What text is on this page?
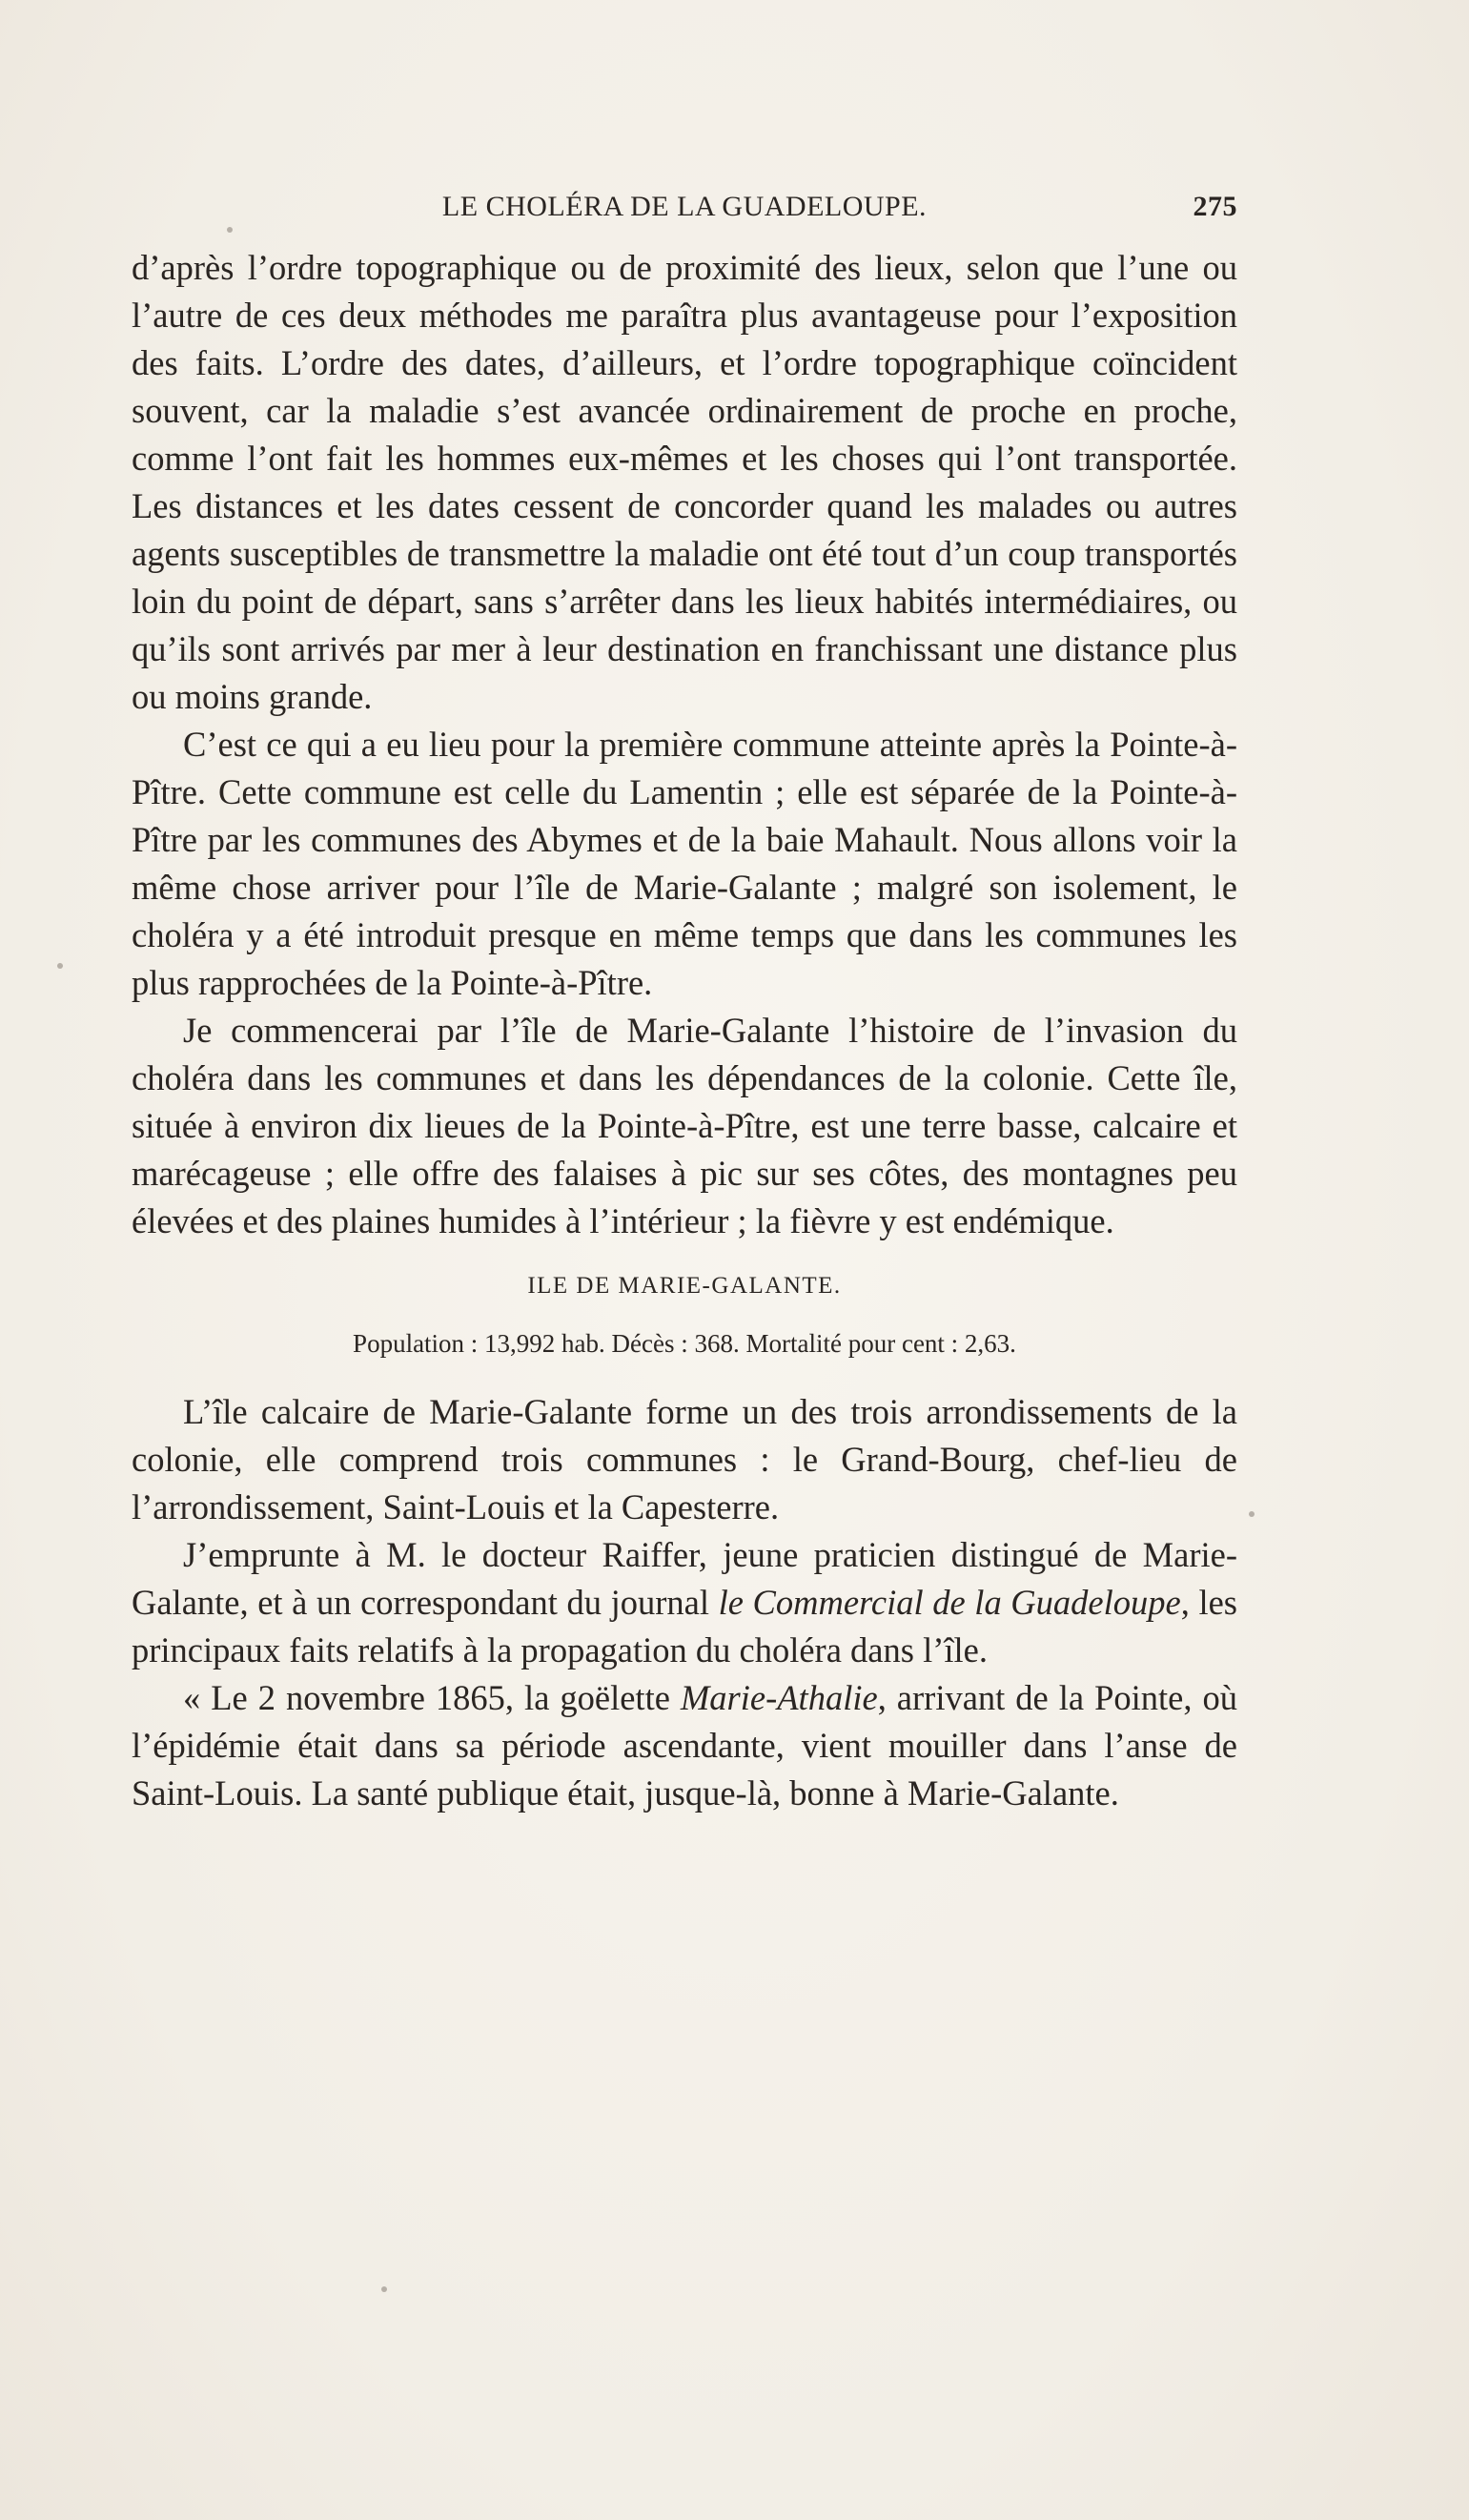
LE CHOLÉRA DE LA GUADELOUPE.	275

d’après l’ordre topographique ou de proximité des lieux, selon que l’une ou l’autre de ces deux méthodes me paraîtra plus avantageuse pour l’exposition des faits. L’ordre des dates, d’ailleurs, et l’ordre topographique coïncident souvent, car la maladie s’est avancée ordinairement de proche en proche, comme l’ont fait les hommes eux-mêmes et les choses qui l’ont transportée. Les distances et les dates cessent de concorder quand les malades ou autres agents susceptibles de transmettre la maladie ont été tout d’un coup transportés loin du point de départ, sans s’arrêter dans les lieux habités intermédiaires, ou qu’ils sont arrivés par mer à leur destination en franchissant une distance plus ou moins grande.

C’est ce qui a eu lieu pour la première commune atteinte après la Pointe-à-Pître. Cette commune est celle du Lamentin ; elle est séparée de la Pointe-à-Pître par les communes des Abymes et de la baie Mahault. Nous allons voir la même chose arriver pour l’île de Marie-Galante ; malgré son isolement, le choléra y a été introduit presque en même temps que dans les communes les plus rapprochées de la Pointe-à-Pître.

Je commencerai par l’île de Marie-Galante l’histoire de l’invasion du choléra dans les communes et dans les dépendances de la colonie. Cette île, située à environ dix lieues de la Pointe-à-Pître, est une terre basse, calcaire et marécageuse ; elle offre des falaises à pic sur ses côtes, des montagnes peu élevées et des plaines humides à l’intérieur ; la fièvre y est endémique.

ILE DE MARIE-GALANTE.

Population : 13,992 hab. Décès : 368. Mortalité pour cent : 2,63.

L’île calcaire de Marie-Galante forme un des trois arrondissements de la colonie, elle comprend trois communes : le Grand-Bourg, chef-lieu de l’arrondissement, Saint-Louis et la Capesterre.

J’emprunte à M. le docteur Raiffer, jeune praticien distingué de Marie-Galante, et à un correspondant du journal le Commercial de la Guadeloupe, les principaux faits relatifs à la propagation du choléra dans l’île.

« Le 2 novembre 1865, la goëlette Marie-Athalie, arrivant de la Pointe, où l’épidémie était dans sa période ascendante, vient mouiller dans l’anse de Saint-Louis. La santé publique était, jusque-là, bonne à Marie-Galante.
